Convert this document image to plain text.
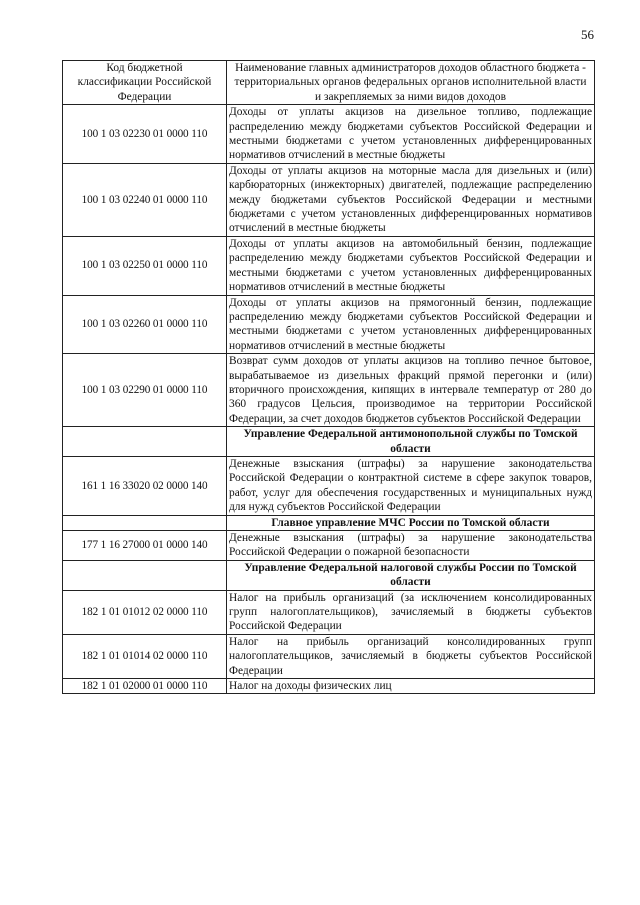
56
Код бюджетной классификации Российской Федерации	Наименование главных администраторов доходов областного бюджета - территориальных органов федеральных органов исполнительной власти и закрепляемых за ними видов доходов
100 1 03 02230 01 0000 110	Доходы от уплаты акцизов на дизельное топливо, подлежащие распределению между бюджетами субъектов Российской Федерации и местными бюджетами с учетом установленных дифференцированных нормативов отчислений в местные бюджеты
100 1 03 02240 01 0000 110	Доходы от уплаты акцизов на моторные масла для дизельных и (или) карбюраторных (инжекторных) двигателей, подлежащие распределению между бюджетами субъектов Российской Федерации и местными бюджетами с учетом установленных дифференцированных нормативов отчислений в местные бюджеты
100 1 03 02250 01 0000 110	Доходы от уплаты акцизов на автомобильный бензин, подлежащие распределению между бюджетами субъектов Российской Федерации и местными бюджетами с учетом установленных дифференцированных нормативов отчислений в местные бюджеты
100 1 03 02260 01 0000 110	Доходы от уплаты акцизов на прямогонный бензин, подлежащие распределению между бюджетами субъектов Российской Федерации и местными бюджетами с учетом установленных дифференцированных нормативов отчислений в местные бюджеты
100 1 03 02290 01 0000 110	Возврат сумм доходов от уплаты акцизов на топливо печное бытовое, вырабатываемое из дизельных фракций прямой перегонки и (или) вторичного происхождения, кипящих в интервале температур от 280 до 360 градусов Цельсия, производимое на территории Российской Федерации, за счет доходов бюджетов субъектов Российской Федерации
	Управление Федеральной антимонопольной службы по Томской области
161 1 16 33020 02 0000 140	Денежные взыскания (штрафы) за нарушение законодательства Российской Федерации о контрактной системе в сфере закупок товаров, работ, услуг для обеспечения государственных и муниципальных нужд для нужд субъектов Российской Федерации
	Главное управление МЧС России по Томской области
177 1 16 27000 01 0000 140	Денежные взыскания (штрафы) за нарушение законодательства Российской Федерации о пожарной безопасности
	Управление Федеральной налоговой службы России по Томской области
182 1 01 01012 02 0000 110	Налог на прибыль организаций (за исключением консолидированных групп налогоплательщиков), зачисляемый в бюджеты субъектов Российской Федерации
182 1 01 01014 02 0000 110	Налог на прибыль организаций консолидированных групп налогоплательщиков, зачисляемый в бюджеты субъектов Российской Федерации
182 1 01 02000 01 0000 110	Налог на доходы физических лиц
